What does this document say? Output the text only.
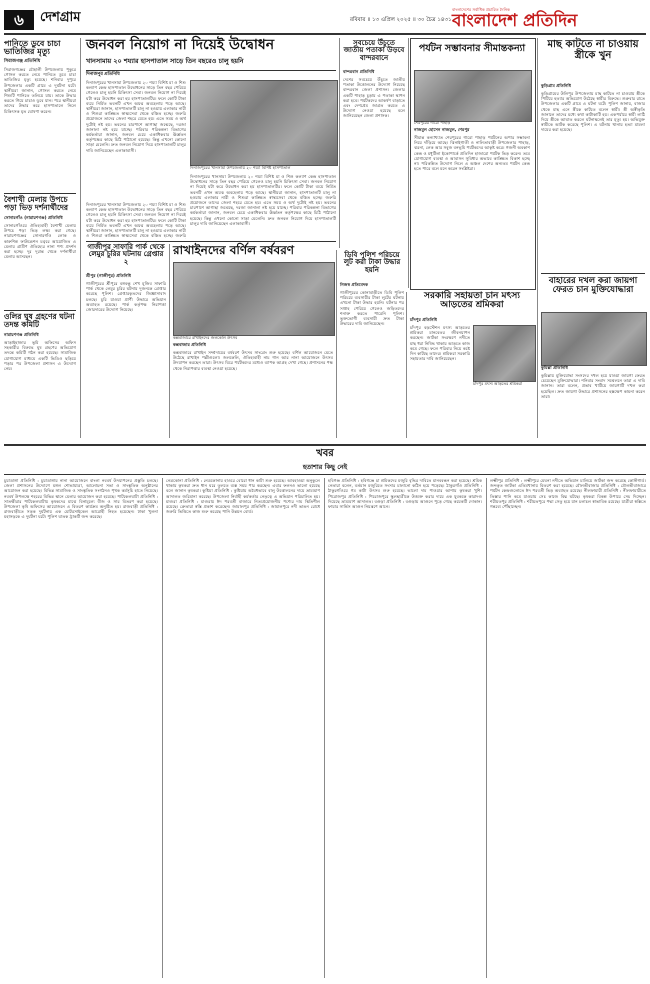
৬	দেশগ্রাম	রবিবার ॥ ১৩ এপ্রিল ২০২৫ ॥ ৩০ চৈত্র ১৪৩১
বাংলাদেশের সর্বাধিক প্রচারিত দৈনিক
বাংলাদেশ প্রতিদিন
পানিতে ডুবে চাচা ভাতিজির মৃত্যু
সিরাজগঞ্জ প্রতিনিধি
সিরাজগঞ্জের চৌহালী উপজেলায় পুকুরে গোসল করতে নেমে পানিতে ডুবে চাচা ভাতিজির মৃত্যু হয়েছে। শনিবার দুপুরে উপজেলার একটি গ্রামে এ দুর্ঘটনা ঘটে। স্থানীয়রা জানান, গোসল করতে নেমে শিশুটি পানিতে তলিয়ে যায়। তাকে উদ্ধার করতে গিয়ে চাচাও ডুবে যান। পরে স্থানীয়রা তাদের উদ্ধার করে হাসপাতালে নিলে চিকিৎসক মৃত ঘোষণা করেন।
বৈশাখী মেলায় উপচে পড়া ভিড় দর্শনার্থীদের
সোনারগাঁও (নারায়ণগঞ্জ) প্রতিনিধি
সোনারগাঁওয়ে ঐতিহ্যবাহী বৈশাখী মেলায় উপচে পড়া ভিড় লক্ষ্য করা গেছে। নারায়ণগঞ্জের সোনারগাঁও লোক ও কারুশিল্প ফাউন্ডেশন চত্বরে আয়োজিত এ মেলায় গ্রামীণ ঐতিহ্যের নানা পণ্য প্রদর্শন করা হচ্ছে। দূর দূরান্ত থেকে দর্শনার্থীরা মেলায় আসছেন।
ওলির ঘুষ গ্রহণের ঘটনা তদন্ত কমিটি
নারায়ণগঞ্জ প্রতিনিধি
আড়াইহাজার ভূমি অফিসের অফিস সহকারীর বিরুদ্ধে ঘুষ গ্রহণের অভিযোগ তদন্তে কমিটি গঠন করা হয়েছে। সামাজিক যোগাযোগ মাধ্যমে একটি ভিডিও ছড়িয়ে পড়ার পর উপজেলা প্রশাসন এ উদ্যোগ নেয়।
জনবল নিয়োগ না দিয়েই উদ্বোধন
খানসামায় ২০ শয্যার হাসপাতাল সাড়ে তিন বছরেও চালু হয়নি
দিনাজপুর প্রতিনিধি
দিনাজপুরের খানসামা উপজেলায় ২০ শয্যা বিশিষ্ট মা ও শিশু কল্যাণ কেন্দ্র হাসপাতাল উদ্বোধনের সাড়ে তিন বছর পেরিয়ে গেলেও চালু হয়নি চিকিৎসা সেবা। জনবল নিয়োগ না দিয়েই ঘটা করে উদ্বোধন করা হয় হাসপাতালটির। ফলে কোটি টাকা ব্যয়ে নির্মিত ভবনটি এখন অযত্ন অবহেলায় পড়ে আছে। স্থানীয়রা জানান, হাসপাতালটি চালু না হওয়ায় এলাকার নারী ও শিশুরা কাঙ্ক্ষিত স্বাস্থ্যসেবা থেকে বঞ্চিত হচ্ছে। জরুরি প্রয়োজনে তাদের জেলা শহরে যেতে হয়। এতে সময় ও অর্থ দুটোই নষ্ট হয়। ভবনের চারপাশে আগাছা জন্মেছে, দরজা জানালা নষ্ট হয়ে যাচ্ছে। পরিবার পরিকল্পনা বিভাগের কর্মকর্তারা জানান, জনবল চেয়ে একাধিকবার ঊর্ধ্বতন কর্তৃপক্ষের কাছে চিঠি পাঠানো হয়েছে। কিন্তু এখনো কোনো সাড়া মেলেনি। দ্রুত জনবল নিয়োগ দিয়ে হাসপাতালটি চালুর দাবি জানিয়েছেন এলাকাবাসী।
দিনাজপুরের খানসামা উপজেলায় ২০ শয্যা বিশিষ্ট হাসপাতাল
দিনাজপুরের খানসামা উপজেলায় ২০ শয্যা বিশিষ্ট মা ও শিশু কল্যাণ কেন্দ্র হাসপাতাল উদ্বোধনের সাড়ে তিন বছর পেরিয়ে গেলেও চালু হয়নি চিকিৎসা সেবা। জনবল নিয়োগ না দিয়েই ঘটা করে উদ্বোধন করা হয় হাসপাতালটির। ফলে কোটি টাকা ব্যয়ে নির্মিত ভবনটি এখন অযত্ন অবহেলায় পড়ে আছে। স্থানীয়রা জানান, হাসপাতালটি চালু না হওয়ায় এলাকার নারী ও শিশুরা কাঙ্ক্ষিত স্বাস্থ্যসেবা থেকে বঞ্চিত হচ্ছে। জরুরি প্রয়োজনে তাদের জেলা শহরে যেতে হয়। এতে সময় ও অর্থ দুটোই নষ্ট হয়। ভবনের চারপাশে আগাছা জন্মেছে, দরজা জানালা নষ্ট হয়ে যাচ্ছে। পরিবার পরিকল্পনা বিভাগের কর্মকর্তারা জানান, জনবল চেয়ে একাধিকবার ঊর্ধ্বতন কর্তৃপক্ষের কাছে চিঠি পাঠানো হয়েছে। কিন্তু এখনো কোনো সাড়া মেলেনি। দ্রুত জনবল নিয়োগ দিয়ে হাসপাতালটি চালুর দাবি জানিয়েছেন এলাকাবাসী।
দিনাজপুরের খানসামা উপজেলায় ২০ শয্যা বিশিষ্ট মা ও শিশু কল্যাণ কেন্দ্র হাসপাতাল উদ্বোধনের সাড়ে তিন বছর পেরিয়ে গেলেও চালু হয়নি চিকিৎসা সেবা। জনবল নিয়োগ না দিয়েই ঘটা করে উদ্বোধন করা হয় হাসপাতালটির। ফলে কোটি টাকা ব্যয়ে নির্মিত ভবনটি এখন অযত্ন অবহেলায় পড়ে আছে। স্থানীয়রা জানান, হাসপাতালটি চালু না হওয়ায় এলাকার নারী ও শিশুরা কাঙ্ক্ষিত স্বাস্থ্যসেবা থেকে বঞ্চিত হচ্ছে। জরুরি
সবচেয়ে উঁচুতে জাতীয় পতাকা উড়বে বান্দরবানে
বান্দরবান প্রতিনিধি
দেশের সবচেয়ে উঁচুতে জাতীয় পতাকা উত্তোলনের উদ্যোগ নিয়েছে বান্দরবান জেলা প্রশাসন। জেলার একটি পাহাড় চূড়ায় এ পতাকা স্থাপন করা হবে। পর্যটকদের আকর্ষণ বাড়াতে এবং দেশপ্রেম জাগ্রত করতে এ উদ্যোগ নেওয়া হয়েছে বলে জানিয়েছেন জেলা প্রশাসক।
পর্যটন সম্ভাবনার সীমান্তকন্যা
শেরপুরের গারো পাহাড়
নাজমুল হোসেন নাজমুল, শেরপুর
সীমান্ত কন্যাখ্যাত শেরপুরের গারো পাহাড় পর্যটনের অপার সম্ভাবনা নিয়ে দাঁড়িয়ে আছে। ঝিনাইগাতী ও নালিতাবাড়ী উপজেলার পাহাড়, ঝরনা, লেক আর সবুজ বনভূমি পর্যটকদের আকৃষ্ট করে। গজনী অবকাশ কেন্দ্র ও মধুটিলা ইকোপার্কে প্রতিদিন হাজারো পর্যটক ভিড় করেন। তবে যোগাযোগ ব্যবস্থা ও আবাসন সুবিধার অভাবে কাঙ্ক্ষিত বিকাশ হচ্ছে না। পরিকল্পিত উদ্যোগ নিলে এ অঞ্চল দেশের অন্যতম পর্যটন কেন্দ্র হতে পারে বলে মনে করেন সংশ্লিষ্টরা।
মাছ কাটতে না চাওয়ায় স্ত্রীকে খুন
কুড়িগ্রাম প্রতিনিধি
কুড়িগ্রামের উলিপুর উপজেলায় মাছ কাটতে না চাওয়ায় স্ত্রীকে পিটিয়ে হত্যার অভিযোগ উঠেছে স্বামীর বিরুদ্ধে। শুক্রবার রাতে উপজেলার একটি গ্রামে এ ঘটনা ঘটে। পুলিশ জানায়, বাজার থেকে মাছ এনে স্ত্রীকে কাটতে বলেন স্বামী। স্ত্রী অস্বীকৃতি জানালে তাদের মধ্যে কথা কাটাকাটি হয়। একপর্যায়ে স্বামী লাঠি দিয়ে স্ত্রীকে আঘাত করলে ঘটনাস্থলেই তার মৃত্যু হয়। অভিযুক্ত স্বামীকে আটক করেছে পুলিশ। এ ঘটনায় থানায় হত্যা মামলা দায়ের করা হয়েছে।
বাহারের দখল করা জায়গা ফেরত চান মুক্তিযোদ্ধারা
কুমিল্লা প্রতিনিধি
কুমিল্লায় মুক্তিযোদ্ধা সংসদের দখল হয়ে যাওয়া জায়গা ফেরত চেয়েছেন মুক্তিযোদ্ধারা। শনিবার সংবাদ সম্মেলনে তারা এ দাবি জানান। তারা বলেন, প্রভাব খাটিয়ে জায়গাটি দখল করা হয়েছিল। দ্রুত জায়গা উদ্ধারে প্রশাসনের হস্তক্ষেপ কামনা করেন তারা।
গাজীপুর সাফারি পার্ক থেকে লেমুর চুরির ঘটনায় গ্রেপ্তার ২
শ্রীপুর (গাজীপুর) প্রতিনিধি
গাজীপুরের শ্রীপুরে বঙ্গবন্ধু শেখ মুজিব সাফারি পার্ক থেকে লেমুর চুরির ঘটনায় দুজনকে গ্রেপ্তার করেছে পুলিশ। গ্রেপ্তারকৃতদের জিজ্ঞাসাবাদ চলছে। চুরি যাওয়া প্রাণী উদ্ধারে অভিযান অব্যাহত রয়েছে। পার্ক কর্তৃপক্ষ নিরাপত্তা জোরদারের উদ্যোগ নিয়েছে।
রাখাইনদের বর্ণিল বর্ষবরণ
কক্সবাজারে রাখাইনদের জলকেলি উৎসব
কক্সবাজার প্রতিনিধি
কক্সবাজারে রাখাইন সম্প্রদায়ের বর্ষবরণ উৎসব সাংগ্রেং শুরু হয়েছে। বর্ণিল আয়োজনে মেতে উঠেছে রাখাইন পল্লীগুলো। জলকেলি, ঐতিহ্যবাহী নাচ গান আর নানা আয়োজনে উৎসব উদযাপন করছেন তারা। উৎসব ঘিরে পর্যটকদের মধ্যেও ব্যাপক আগ্রহ দেখা গেছে। প্রশাসনের পক্ষ থেকে নিরাপত্তার ব্যবস্থা নেওয়া হয়েছে।
ডিবি পুলিশ পরিচয়ে লুট করা টাকা উদ্ধার হয়নি
নিজস্ব প্রতিবেদক
গাজীপুরের কোনাবাড়ীতে ডিবি পুলিশ পরিচয়ে ব্যবসায়ীর টাকা লুটের ঘটনায় এখনো টাকা উদ্ধার হয়নি। ঘটনার পর সপ্তাহ পেরিয়ে গেলেও জড়িতদের শনাক্ত করতে পারেনি পুলিশ। ভুক্তভোগী ব্যবসায়ী দ্রুত টাকা উদ্ধারের দাবি জানিয়েছেন।
সরকারি সহায়তা চান মৎস্য আড়তের শ্রমিকরা
চাঁদপুর প্রতিনিধি
চাঁদপুর বড়স্টেশন মৎস্য আড়তের শ্রমিকরা মানবেতর জীবনযাপন করছেন। জাটকা সংরক্ষণে নদীতে মাছ ধরা নিষিদ্ধ থাকায় আড়তে কাজ কমে গেছে। ফলে পরিবার নিয়ে কষ্টে দিন কাটছে তাদের। শ্রমিকরা সরকারি সহায়তার দাবি জানিয়েছেন।
চাঁদপুর মৎস্য আড়তের শ্রমিকরা
খবর
হতাশার কিছু নেই
চুয়াডাঙ্গা প্রতিনিধি : চুয়াডাঙ্গায় নানা আয়োজনে বাংলা নববর্ষ উদযাপনের প্রস্তুতি চলছে। জেলা প্রশাসনের উদ্যোগে মঙ্গল শোভাযাত্রা, আলোচনা সভা ও সাংস্কৃতিক অনুষ্ঠানের আয়োজন করা হয়েছে। বিভিন্ন সামাজিক ও সাংস্কৃতিক সংগঠনও পৃথক কর্মসূচি হাতে নিয়েছে। নববর্ষ উপলক্ষে শহরের বিভিন্ন স্থানে মেলার আয়োজন করা হয়েছে। পাটকেলঘাটা প্রতিনিধি : সাতক্ষীরার পাটকেলঘাটায় কৃষকদের মাঝে বিনামূল্যে বীজ ও সার বিতরণ করা হয়েছে। উপজেলা কৃষি অফিসের আয়োজনে এ বিতরণ কার্যক্রম অনুষ্ঠিত হয়। রাজবাড়ী প্রতিনিধি : রাজবাড়ীতে সড়ক দুর্ঘটনায় এক মোটরসাইকেল আরোহী নিহত হয়েছেন। ঢাকা খুলনা মহাসড়কে এ দুর্ঘটনা ঘটে। পুলিশ ঘাতক ট্রাকটি জব্দ করেছে।
নেত্রকোনা প্রতিনিধি : নেত্রকোনায় হাওরে বোরো ধান কাটা শুরু হয়েছে। আবহাওয়া অনুকূলে থাকায় কৃষকরা দ্রুত ধান ঘরে তুলতে ব্যস্ত সময় পার করছেন। এবার ফলনও ভালো হয়েছে বলে জানান কৃষকরা। কুষ্টিয়া প্রতিনিধি : কুষ্টিয়ায় অবৈধভাবে বালু উত্তোলনের দায়ে ভ্রাম্যমাণ আদালত জরিমানা করেছে। উপজেলা নির্বাহী কর্মকর্তার নেতৃত্বে এ অভিযান পরিচালিত হয়। মাগুরা প্রতিনিধি : মাগুরায় ঈদ পরবর্তী বাজারে নিত্যপ্রয়োজনীয় পণ্যের দাম স্থিতিশীল রয়েছে। ক্রেতারা স্বস্তি প্রকাশ করেছেন। জামালপুর প্রতিনিধি : জামালপুরে নদী ভাঙন রোধে জরুরি ভিত্তিতে কাজ শুরু করেছে পানি উন্নয়ন বোর্ড।
হবিগঞ্জ প্রতিনিধি : হবিগঞ্জে চা শ্রমিকদের মজুরি বৃদ্ধির দাবিতে মানববন্ধন করা হয়েছে। শ্রমিক নেতারা বলেন, বর্তমান মজুরিতে সংসার চালানো কঠিন হয়ে পড়েছে। ঠাকুরগাঁও প্রতিনিধি : ঠাকুরগাঁওয়ে গম কাটা উৎসব শুরু হয়েছে। ভালো দাম পাওয়ার আশায় কৃষকরা খুশি। পিরোজপুর প্রতিনিধি : পিরোজপুরে স্কুলছাত্রীকে উত্ত্যক্ত করার দায়ে এক যুবককে কারাদণ্ড দিয়েছে ভ্রাম্যমাণ আদালত। বগুড়া প্রতিনিধি : বগুড়ায় আগুনে পুড়ে গেছে কয়েকটি দোকান। ফায়ার সার্ভিস আগুন নিয়ন্ত্রণে আনে।
লক্ষ্মীপুর প্রতিনিধি : লক্ষ্মীপুরে মেঘনা নদীতে অভিযান চালিয়ে জাটকা জব্দ করেছে কোস্টগার্ড। জব্দকৃত জাটকা এতিমখানায় বিতরণ করা হয়েছে। মৌলভীবাজার প্রতিনিধি : মৌলভীবাজারে পর্যটন কেন্দ্রগুলোতে ঈদ পরবর্তী ভিড় অব্যাহত রয়েছে। নীলফামারী প্রতিনিধি : নীলফামারীতে তিস্তার পানি কমে যাওয়ায় সেচ কাজে বিঘ্ন ঘটছে। কৃষকরা বিকল্প উপায়ে সেচ দিচ্ছেন। শরীয়তপুর প্রতিনিধি : শরীয়তপুরে পদ্মা সেতু হয়ে যান চলাচল স্বাভাবিক রয়েছে। যাত্রীরা স্বস্তিতে গন্তব্যে পৌঁছাচ্ছেন।
